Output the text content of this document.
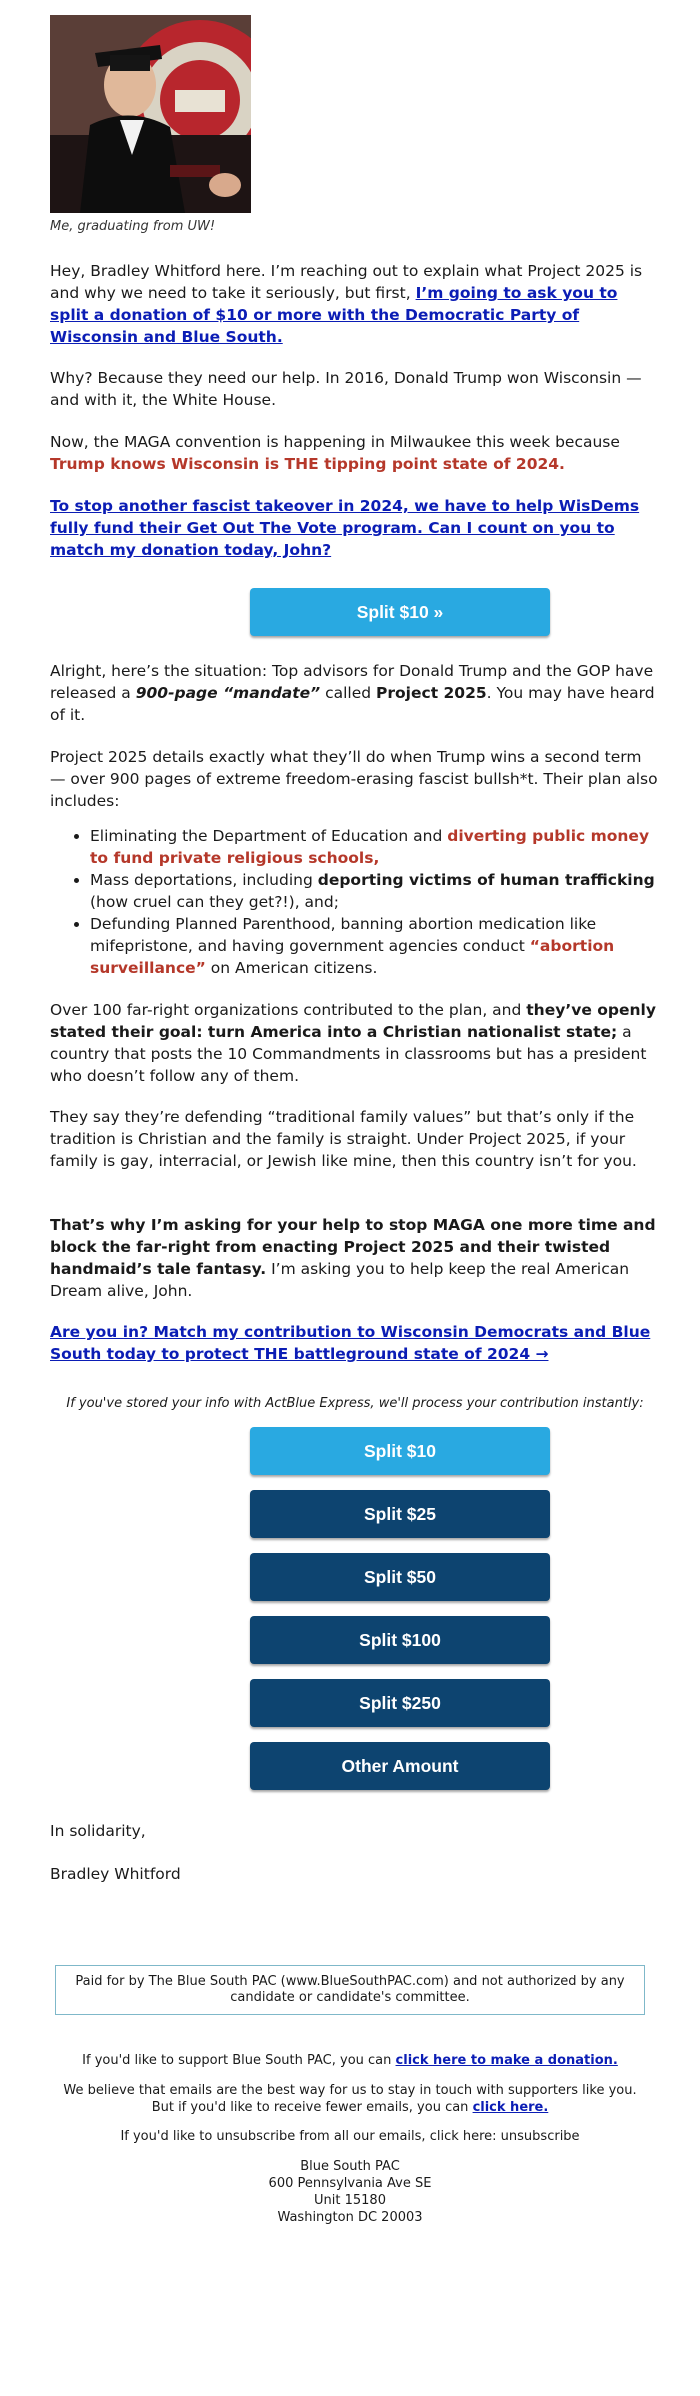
Me, graduating from UW!

Hey, Bradley Whitford here. I’m reaching out to explain what Project 2025 is and why we need to take it seriously, but first, I’m going to ask you to split a donation of $10 or more with the Democratic Party of Wisconsin and Blue South.

Why? Because they need our help. In 2016, Donald Trump won Wisconsin — and with it, the White House.

Now, the MAGA convention is happening in Milwaukee this week because Trump knows Wisconsin is THE tipping point state of 2024.

To stop another fascist takeover in 2024, we have to help WisDems fully fund their Get Out The Vote program. Can I count on you to match my donation today, John?

Split $10 »

Alright, here’s the situation: Top advisors for Donald Trump and the GOP have released a 900-page “mandate” called Project 2025. You may have heard of it.

Project 2025 details exactly what they’ll do when Trump wins a second term — over 900 pages of extreme freedom-erasing fascist bullsh*t. Their plan also includes:

• Eliminating the Department of Education and diverting public money to fund private religious schools,
• Mass deportations, including deporting victims of human trafficking (how cruel can they get?!), and;
• Defunding Planned Parenthood, banning abortion medication like mifepristone, and having government agencies conduct “abortion surveillance” on American citizens.

Over 100 far-right organizations contributed to the plan, and they’ve openly stated their goal: turn America into a Christian nationalist state; a country that posts the 10 Commandments in classrooms but has a president who doesn’t follow any of them.

They say they’re defending “traditional family values” but that’s only if the tradition is Christian and the family is straight. Under Project 2025, if your family is gay, interracial, or Jewish like mine, then this country isn’t for you.

That’s why I’m asking for your help to stop MAGA one more time and block the far-right from enacting Project 2025 and their twisted handmaid’s tale fantasy. I’m asking you to help keep the real American Dream alive, John.

Are you in? Match my contribution to Wisconsin Democrats and Blue South today to protect THE battleground state of 2024 →

If you've stored your info with ActBlue Express, we'll process your contribution instantly:
Split $10
Split $25
Split $50
Split $100
Split $250
Other Amount

In solidarity,

Bradley Whitford

Paid for by The Blue South PAC (www.BlueSouthPAC.com) and not authorized by any candidate or candidate's committee.
If you'd like to support Blue South PAC, you can click here to make a donation.
We believe that emails are the best way for us to stay in touch with supporters like you. But if you'd like to receive fewer emails, you can click here.
If you'd like to unsubscribe from all our emails, click here: unsubscribe
Blue South PAC
600 Pennsylvania Ave SE
Unit 15180
Washington DC 20003
